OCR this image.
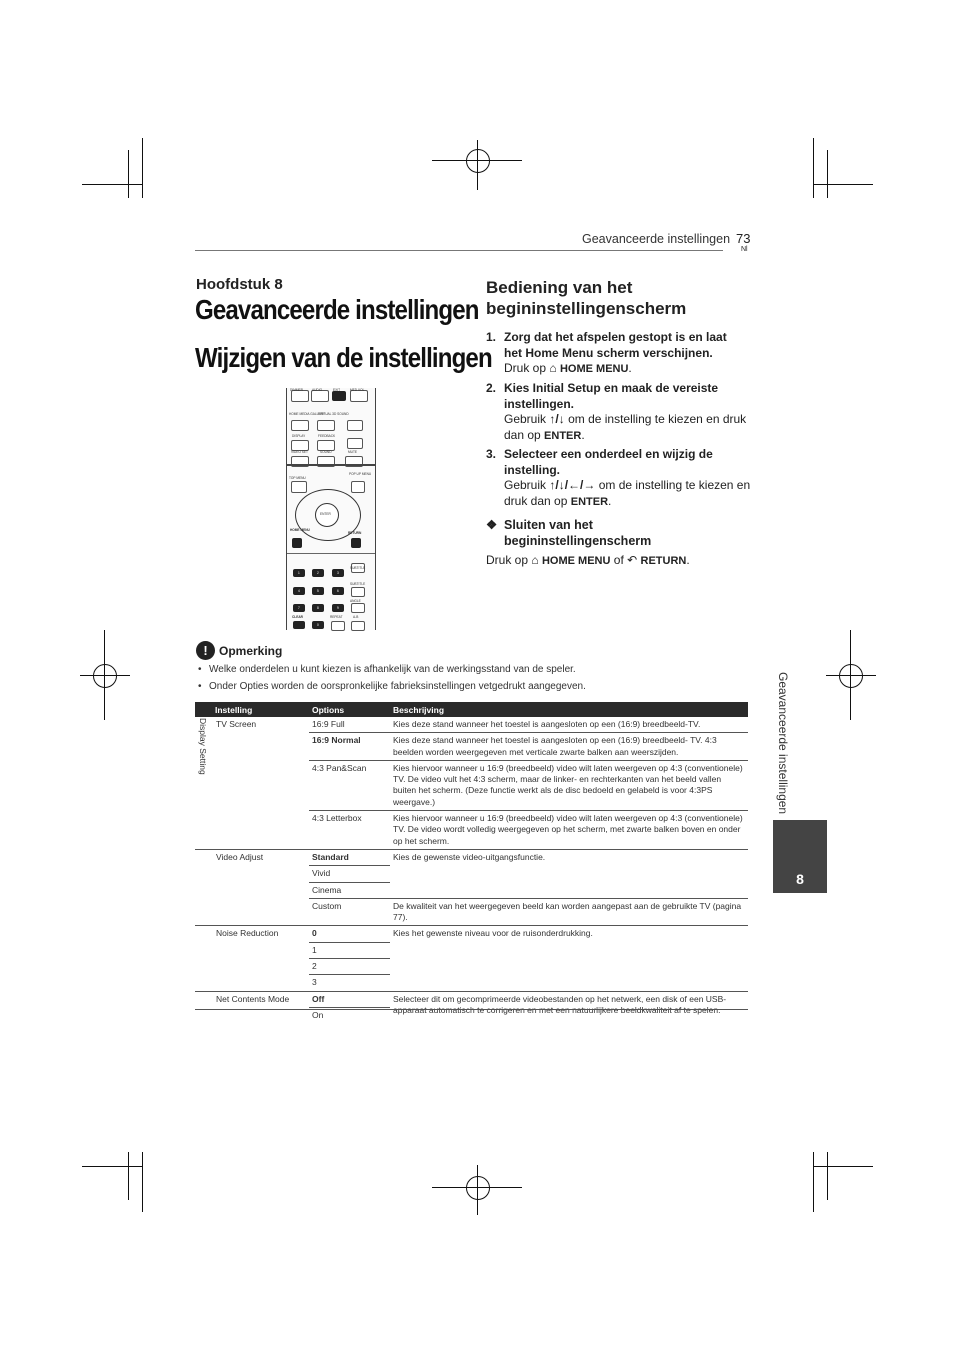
Geavanceerde instellingen 73
Nl
Hoofdstuk 8
Geavanceerde instellingen
Wijzigen van de instellingen
DIMMER	AUDIO	EXIT	MED VOL
HOME MEDIA GALLERY
VIRTUAL 3D SOUND
DISPLAY	FEEDBACK
VIDEO SET	SOUND	MUTE
TOP MENU
POP UP MENU
ENTER
HOME MENU
RETURN
SUBTITLE
1	2	3
SUBTITLE
4	5	6
ANGLE
7	8	9
0
CLEAR	REPEAT	A-B
Bediening van het
begininstellingenscherm
1. Zorg dat het afspelen gestopt is en laat het Home Menu scherm verschijnen.
Druk op ⌂ HOME MENU.
2. Kies Initial Setup en maak de vereiste instellingen.
Gebruik ↑/↓ om de instelling te kiezen en druk dan op ENTER.
3. Selecteer een onderdeel en wijzig de instelling.
Gebruik ↑/↓/←/→ om de instelling te kiezen en druk dan op ENTER.
❖ Sluiten van het
begininstellingenscherm
Druk op ⌂ HOME MENU of ↶ RETURN.
! Opmerking
• Welke onderdelen u kunt kiezen is afhankelijk van de werkingsstand van de speler.
• Onder Opties worden de oorspronkelijke fabrieksinstellingen vetgedrukt aangegeven.
Instelling	Options	Beschrijving
TV Screen	16:9 Full	Kies deze stand wanneer het toestel is aangesloten op een (16:9) breedbeeld-TV.
	16:9 Normal	Kies deze stand wanneer het toestel is aangesloten op een (16:9) breedbeeld- TV. 4:3 beelden worden weergegeven met verticale zwarte balken aan weerszijden.
	4:3 Pan&Scan	Kies hiervoor wanneer u 16:9 (breedbeeld) video wilt laten weergeven op 4:3 (conventionele) TV. De video vult het 4:3 scherm, maar de linker- en rechterkanten van het beeld vallen buiten het scherm. (Deze functie werkt als de disc bedoeld en gelabeld is voor 4:3PS weergave.)
	4:3 Letterbox	Kies hiervoor wanneer u 16:9 (breedbeeld) video wilt laten weergeven op 4:3 (conventionele) TV. De video wordt volledig weergegeven op het scherm, met zwarte balken boven en onder op het scherm.
Video Adjust	Standard	Kies de gewenste video-uitgangsfunctie.
	Vivid	
	Cinema	
	Custom	De kwaliteit van het weergegeven beeld kan worden aangepast aan de gebruikte TV (pagina 77).
Noise Reduction	0	Kies het gewenste niveau voor de ruisonderdrukking.
	1	
	2	
	3	
Net Contents Mode	Off	Selecteer dit om gecomprimeerde videobestanden op het netwerk, een disk of een USB-
	On	
Display Setting	Geavanceerde instellingen
8
